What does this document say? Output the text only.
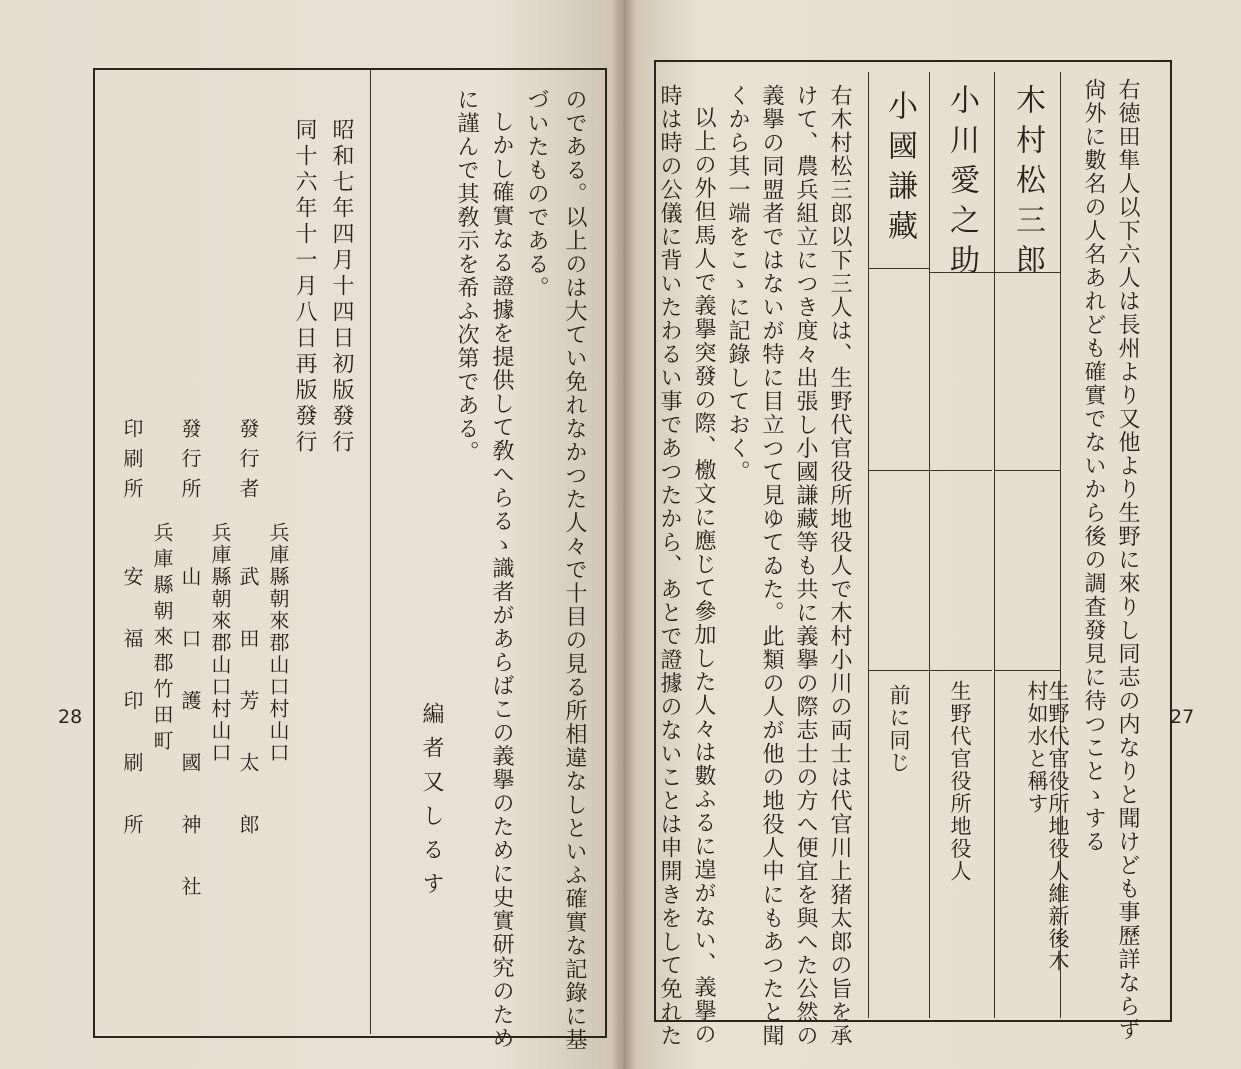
28	のである。以上のは大てい免れなかつた人々で十目の見る所相違なしといふ確實な記錄に基
づいたものである。
しかし確實なる證據を提供して敎へらるゝ識者があらばこの義擧のために史實研究のため
に謹んで其敎示を希ふ次第である。
編者又しるす
昭和七年四月十四日初版發行
同十六年十一月八日再版發行
發行者
兵庫縣朝來郡山口村山口
武田芳太郎
發行所
兵庫縣朝來郡山口村山口
山口護國神社
印刷所
兵庫縣朝來郡竹田町
安福印刷所	27
右徳田隼人以下六人は長州より又他より生野に來りし同志の内なりと聞けども事歷詳ならず
尙外に數名の人名あれども確實でないから後の調査發見に待つことゝする
木村松三郎
生野代官役所地役人維新後木村如水と稱す
小川愛之助
生野代官役所地役人
小國謙藏
前に同じ
右木村松三郎以下三人は、生野代官役所地役人で木村小川の両士は代官川上猪太郎の旨を承
けて、農兵組立につき度々出張し小國謙藏等も共に義擧の際志士の方へ便宜を與へた公然の
義擧の同盟者ではないが特に目立つて見ゆてゐた。此類の人が他の地役人中にもあつたと聞
くから其一端をこゝに記錄しておく。
以上の外但馬人で義擧突發の際、檄文に應じて參加した人々は數ふるに遑がない、義擧の
時は時の公儀に背いたわるい事であつたから、あとで證據のないことは申開きをして免れた
